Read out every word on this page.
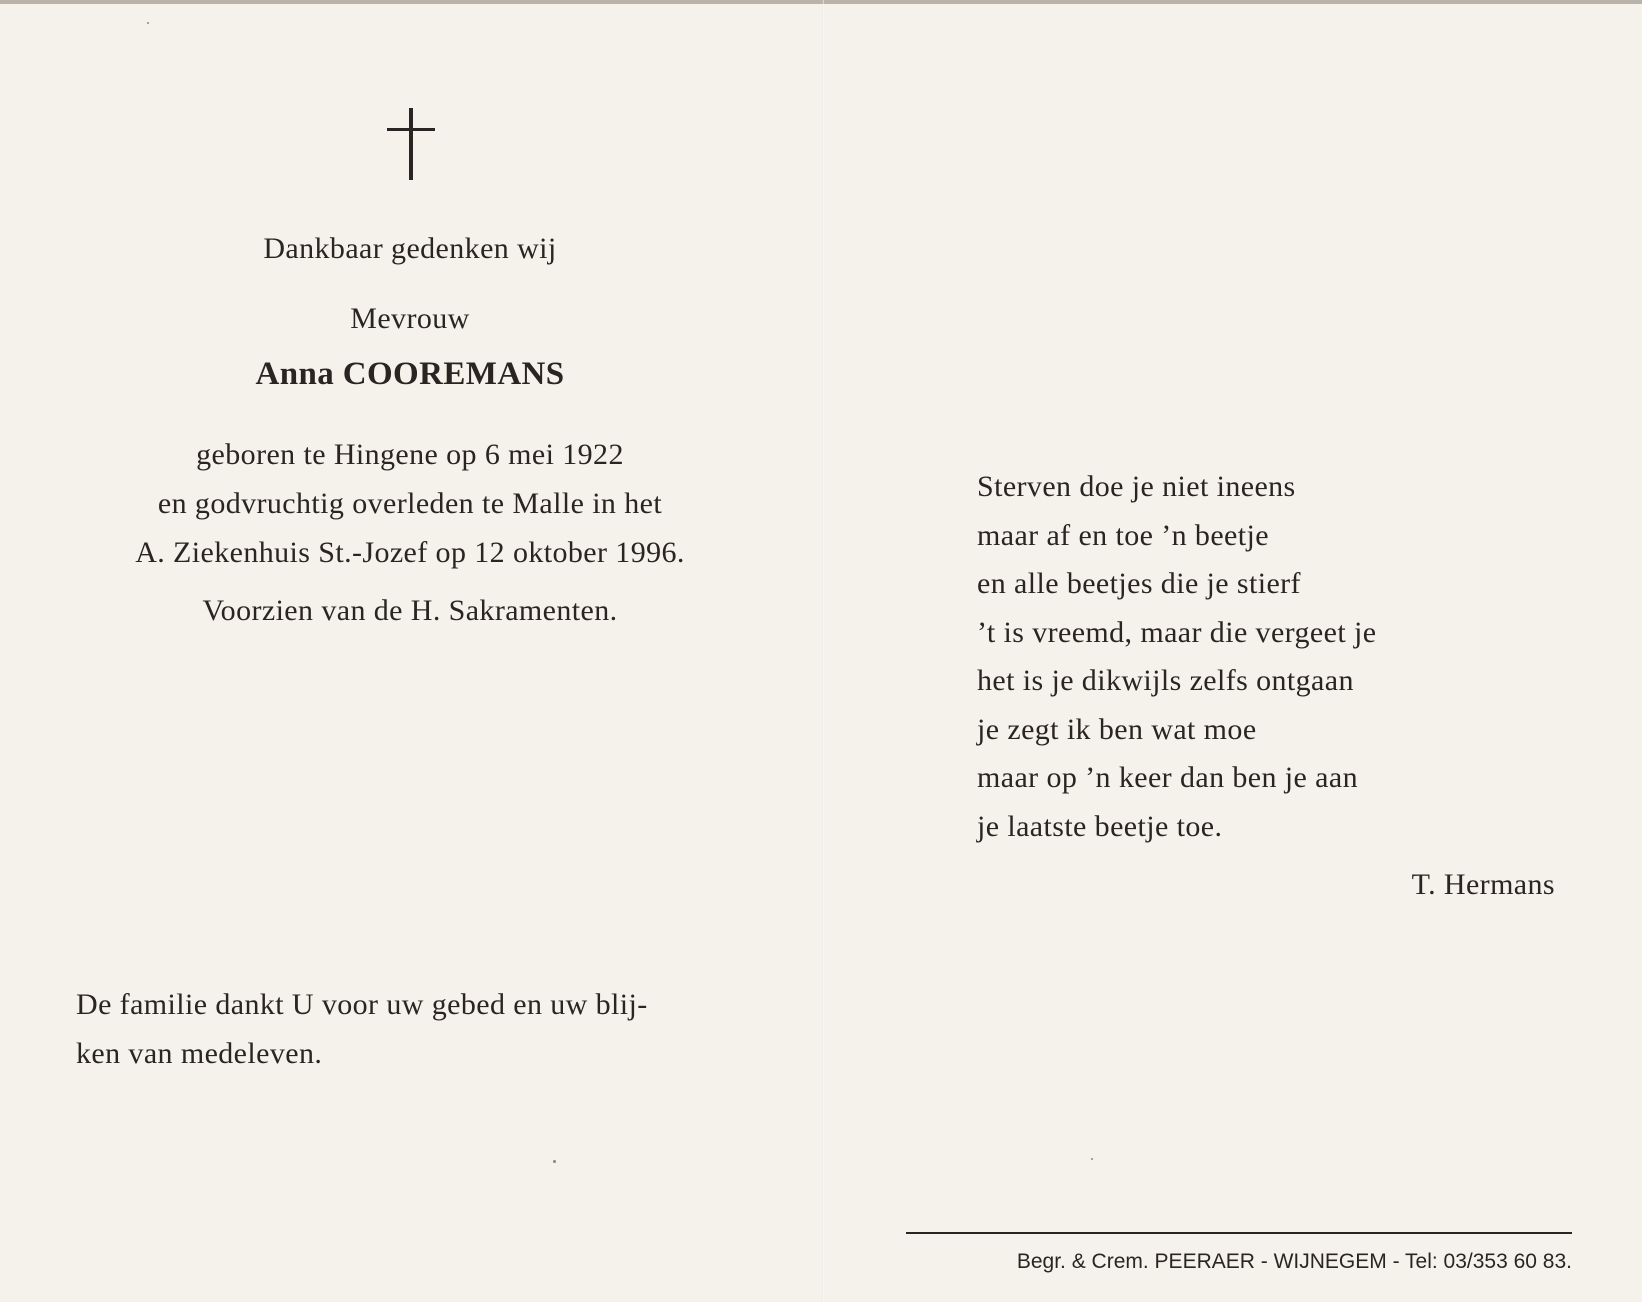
Dankbaar gedenken wij
Mevrouw
Anna COOREMANS
geboren te Hingene op 6 mei 1922
en godvruchtig overleden te Malle in het
A. Ziekenhuis St.-Jozef op 12 oktober 1996.
Voorzien van de H. Sakramenten.
De familie dankt U voor uw gebed en uw blij-
ken van medeleven.
Sterven doe je niet ineens
maar af en toe ’n beetje
en alle beetjes die je stierf
’t is vreemd, maar die vergeet je
het is je dikwijls zelfs ontgaan
je zegt ik ben wat moe
maar op ’n keer dan ben je aan
je laatste beetje toe.
T. Hermans
Begr. & Crem. PEERAER - WIJNEGEM - Tel: 03/353 60 83.
